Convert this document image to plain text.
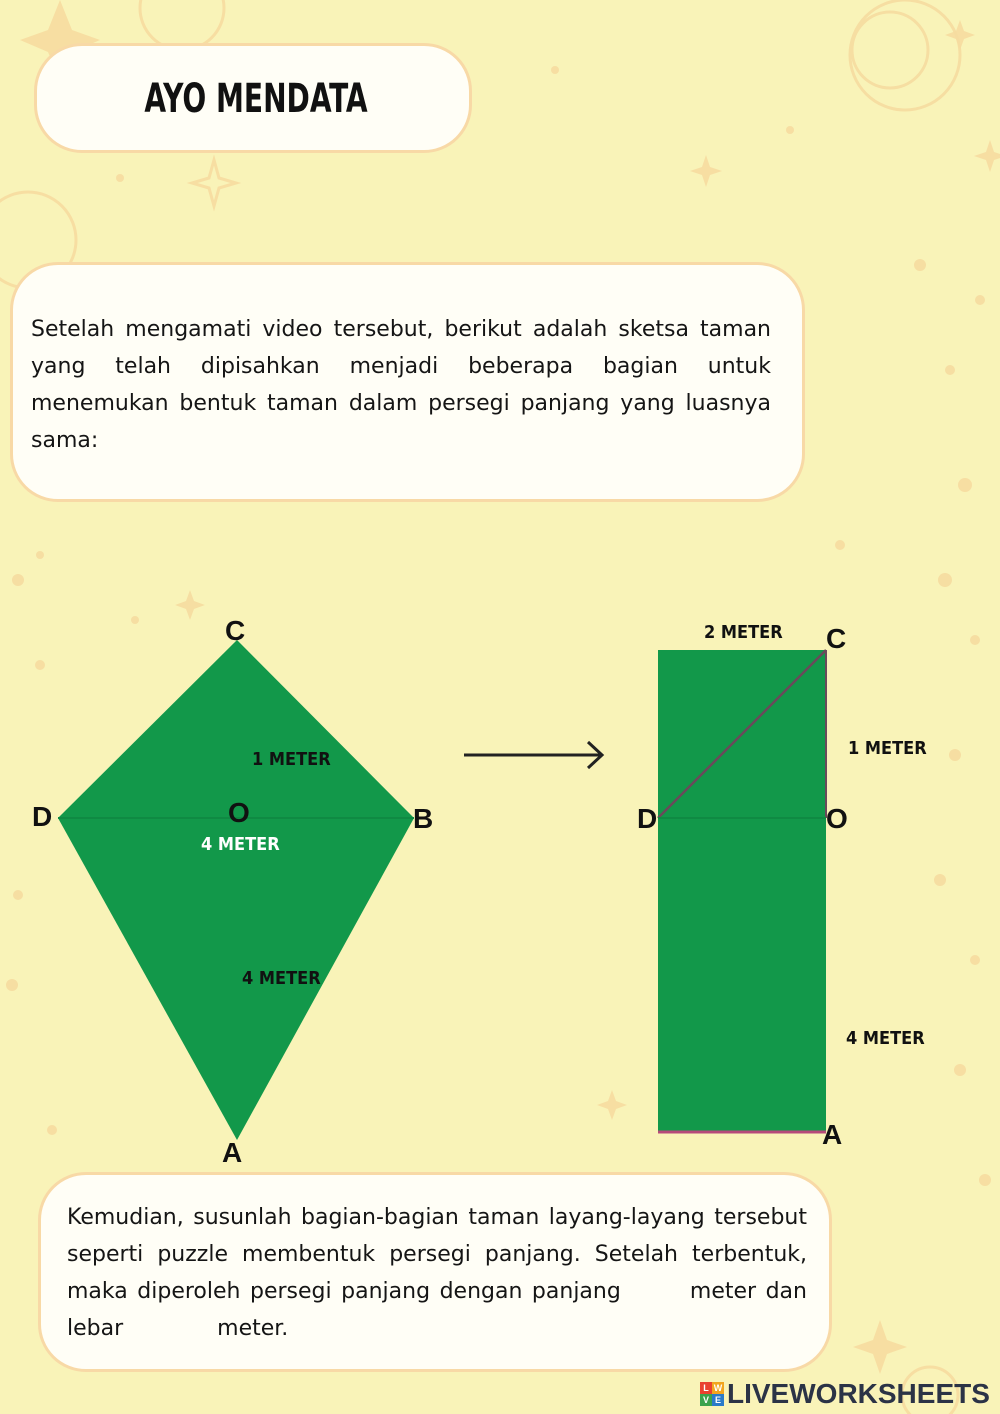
AYO MENDATA

Setelah mengamati video tersebut, berikut adalah sketsa taman yang telah dipisahkan menjadi beberapa bagian untuk menemukan bentuk taman dalam persegi panjang yang luasnya sama:

C
D	O	B
A
1 METER
4 METER
4 METER
C
D	O
A
2 METER
1 METER
4 METER

Kemudian, susunlah bagian-bagian taman layang-layang tersebut seperti puzzle membentuk persegi panjang. Setelah terbentuk, maka diperoleh persegi panjang dengan panjang	meter dan lebar	meter.

L W
V E LIVEWORKSHEETS
